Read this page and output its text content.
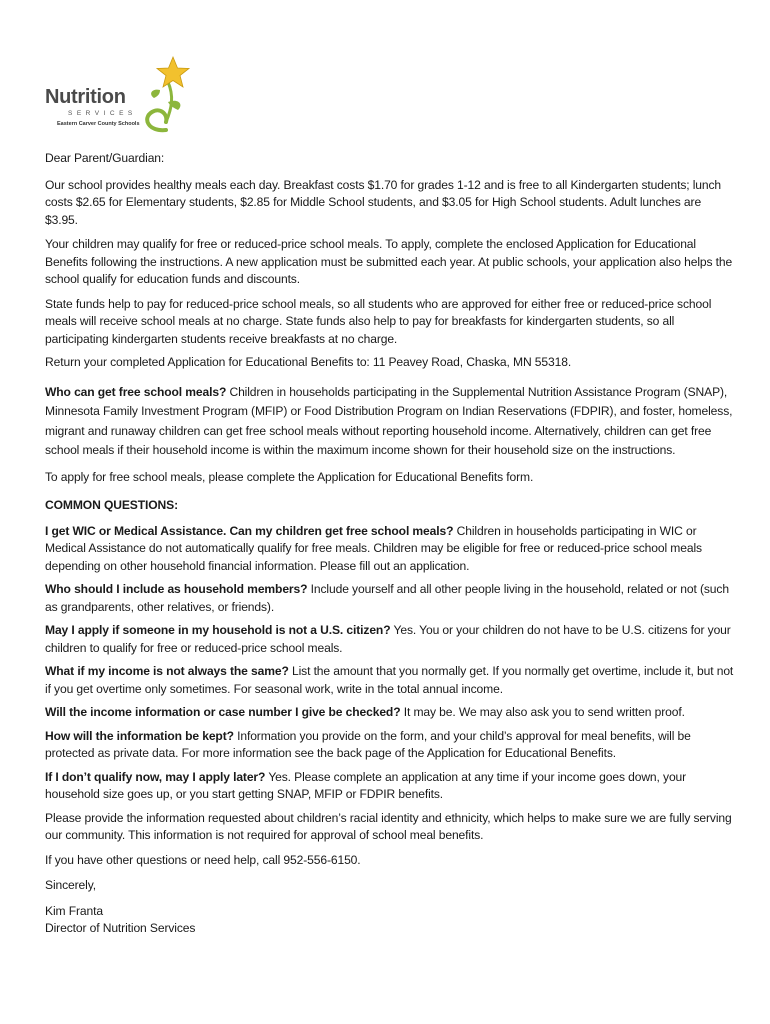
Nutrition
SERVICES
Eastern Carver County Schools

Dear Parent/Guardian:

Our school provides healthy meals each day. Breakfast costs $1.70 for grades 1-12 and is free to all Kindergarten students; lunch costs $2.65 for Elementary students, $2.85 for Middle School students, and $3.05 for High School students. Adult lunches are $3.95.

Your children may qualify for free or reduced-price school meals. To apply, complete the enclosed Application for Educational Benefits following the instructions. A new application must be submitted each year. At public schools, your application also helps the school qualify for education funds and discounts.

State funds help to pay for reduced-price school meals, so all students who are approved for either free or reduced-price school meals will receive school meals at no charge. State funds also help to pay for breakfasts for kindergarten students, so all participating kindergarten students receive breakfasts at no charge.

Return your completed Application for Educational Benefits to: 11 Peavey Road, Chaska, MN 55318.

Who can get free school meals? Children in households participating in the Supplemental Nutrition Assistance Program (SNAP), Minnesota Family Investment Program (MFIP) or Food Distribution Program on Indian Reservations (FDPIR), and foster, homeless, migrant and runaway children can get free school meals without reporting household income. Alternatively, children can get free school meals if their household income is within the maximum income shown for their household size on the instructions.

To apply for free school meals, please complete the Application for Educational Benefits form.

COMMON QUESTIONS:

I get WIC or Medical Assistance. Can my children get free school meals? Children in households participating in WIC or Medical Assistance do not automatically qualify for free meals. Children may be eligible for free or reduced-price school meals depending on other household financial information. Please fill out an application.

Who should I include as household members? Include yourself and all other people living in the household, related or not (such as grandparents, other relatives, or friends).

May I apply if someone in my household is not a U.S. citizen? Yes. You or your children do not have to be U.S. citizens for your children to qualify for free or reduced-price school meals.

What if my income is not always the same? List the amount that you normally get. If you normally get overtime, include it, but not if you get overtime only sometimes. For seasonal work, write in the total annual income.

Will the income information or case number I give be checked? It may be. We may also ask you to send written proof.

How will the information be kept? Information you provide on the form, and your child’s approval for meal benefits, will be protected as private data. For more information see the back page of the Application for Educational Benefits.

If I don’t qualify now, may I apply later? Yes. Please complete an application at any time if your income goes down, your household size goes up, or you start getting SNAP, MFIP or FDPIR benefits.

Please provide the information requested about children’s racial identity and ethnicity, which helps to make sure we are fully serving our community. This information is not required for approval of school meal benefits.

If you have other questions or need help, call 952-556-6150.

Sincerely,

Kim Franta

Director of Nutrition Services
